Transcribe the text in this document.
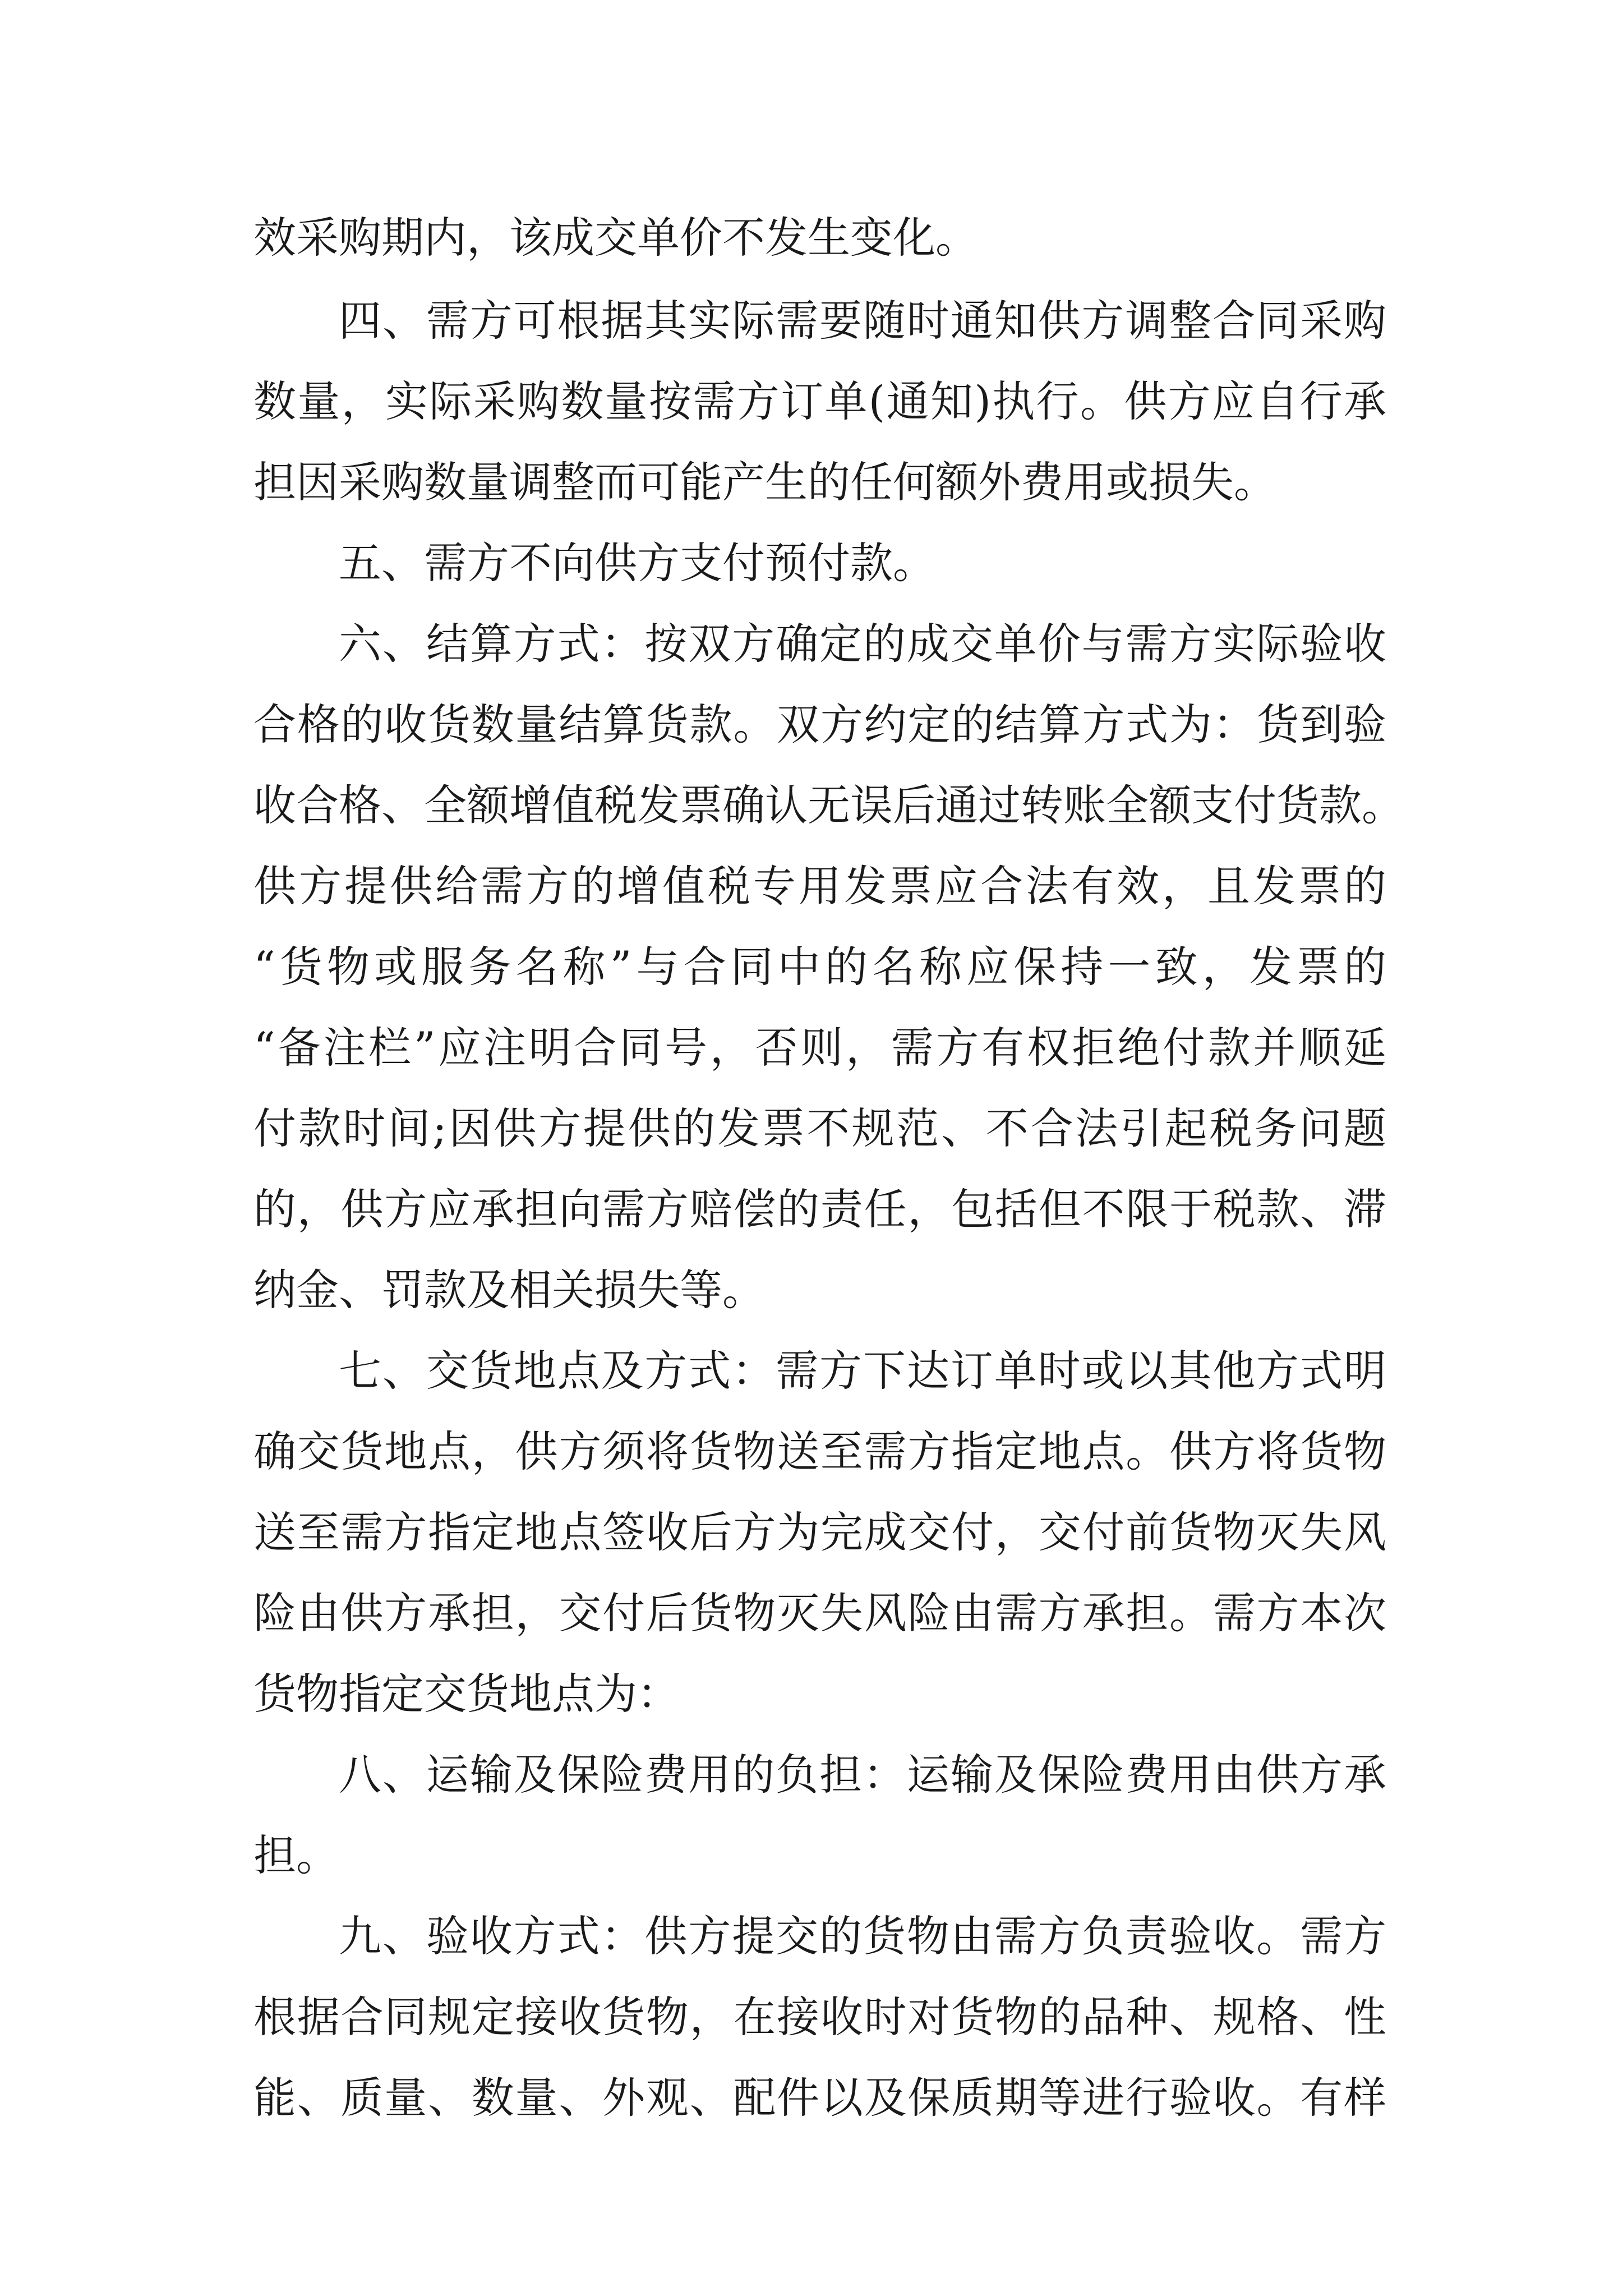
效采购期内，该成交单价不发生变化。

四、需方可根据其实际需要随时通知供方调整合同采购

数量，实际采购数量按需方订单(通知)执行。供方应自行承

担因采购数量调整而可能产生的任何额外费用或损失。

五、需方不向供方支付预付款。

六、结算方式：按双方确定的成交单价与需方实际验收

合格的收货数量结算货款。双方约定的结算方式为：货到验

收合格、全额增值税发票确认无误后通过转账全额支付货款。

供方提供给需方的增值税专用发票应合法有效，且发票的

“货物或服务名称”与合同中的名称应保持一致，发票的

“备注栏”应注明合同号，否则，需方有权拒绝付款并顺延

付款时间;因供方提供的发票不规范、不合法引起税务问题

的，供方应承担向需方赔偿的责任，包括但不限于税款、滞

纳金、罚款及相关损失等。

七、交货地点及方式：需方下达订单时或以其他方式明

确交货地点，供方须将货物送至需方指定地点。供方将货物

送至需方指定地点签收后方为完成交付，交付前货物灭失风

险由供方承担，交付后货物灭失风险由需方承担。需方本次

货物指定交货地点为：

八、运输及保险费用的负担：运输及保险费用由供方承

担。

九、验收方式：供方提交的货物由需方负责验收。需方

根据合同规定接收货物，在接收时对货物的品种、规格、性

能、质量、数量、外观、配件以及保质期等进行验收。有样
